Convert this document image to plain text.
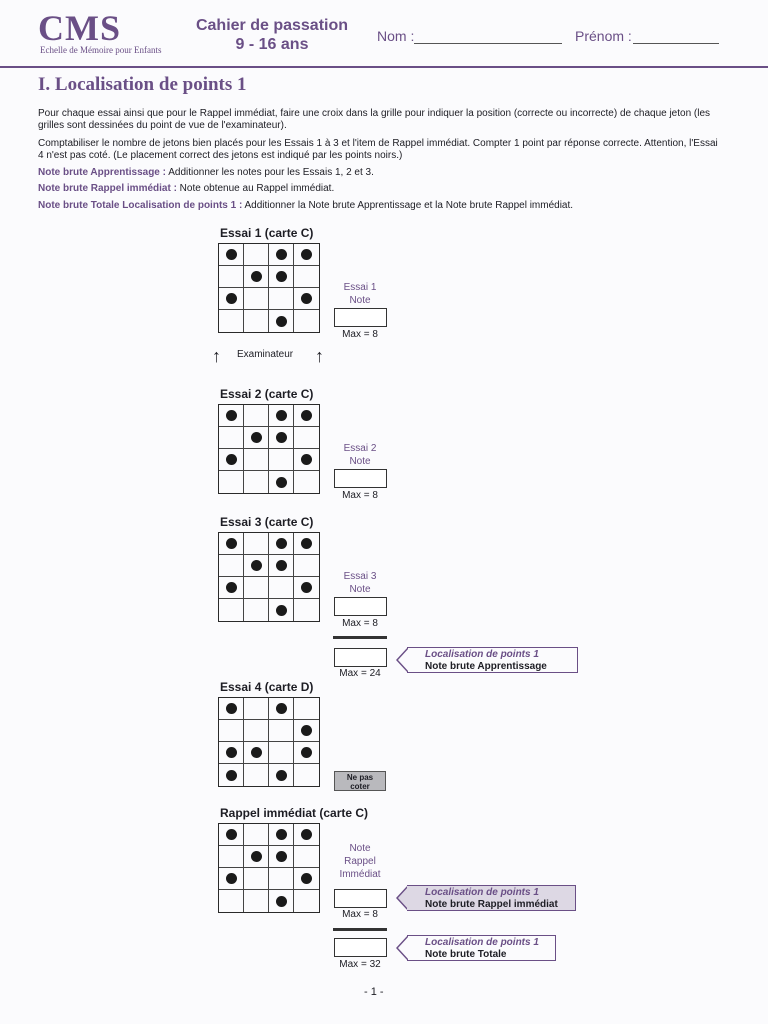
CMS
Echelle de Mémoire pour Enfants
Cahier de passation
9 - 16 ans	Nom :	Prénom :
I. Localisation de points 1
Pour chaque essai ainsi que pour le Rappel immédiat, faire une croix dans la grille pour indiquer la position (correcte ou incorrecte) de chaque jeton (les grilles sont dessinées du point de vue de l'examinateur).
Comptabiliser le nombre de jetons bien placés pour les Essais 1 à 3 et l'item de Rappel immédiat. Compter 1 point par réponse correcte. Attention, l'Essai 4 n'est pas coté. (Le placement correct des jetons est indiqué par les points noirs.)
Note brute Apprentissage : Additionner les notes pour les Essais 1, 2 et 3.
Note brute Rappel immédiat : Note obtenue au Rappel immédiat.
Note brute Totale Localisation de points 1 : Additionner la Note brute Apprentissage et la Note brute Rappel immédiat.
Essai 1 (carte C)
Essai 1
Note
Max = 8
↑ Examinateur ↑
Essai 2 (carte C)
Essai 2
Note
Max = 8
Essai 3 (carte C)
Essai 3
Note
Max = 8
Max = 24
Localisation de points 1
Note brute Apprentissage
Essai 4 (carte D)
Ne pas
coter
Rappel immédiat (carte C)
Note
Rappel
Immédiat
Max = 8
Localisation de points 1
Note brute Rappel immédiat
Max = 32
Localisation de points 1
Note brute Totale
- 1 -
